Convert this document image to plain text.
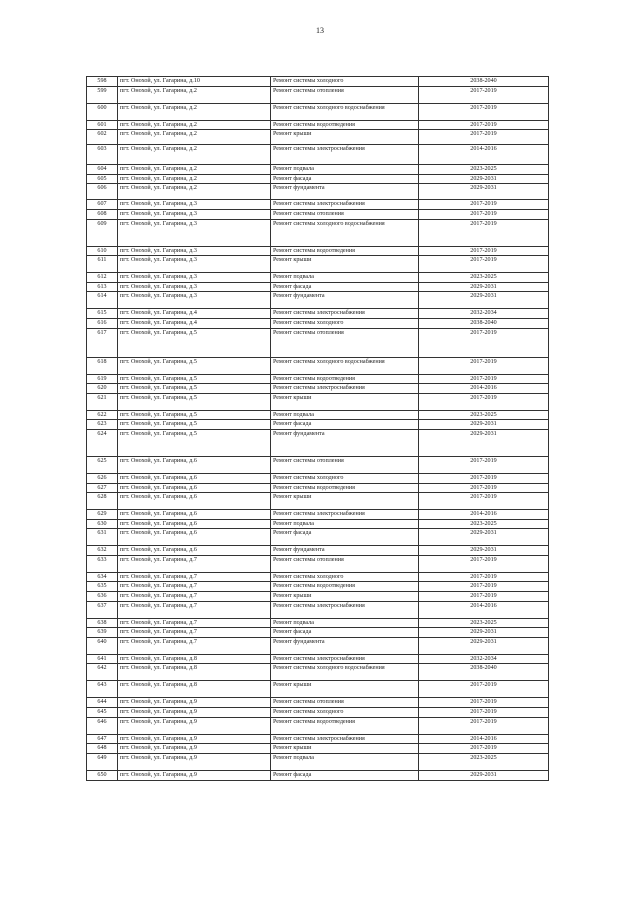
13
598	пгт. Онохой, ул. Гагарина, д.10	Ремонт системы холодного	2038-2040
599	пгт. Онохой, ул. Гагарина, д.2	Ремонт системы отопления	2017-2019
600	пгт. Онохой, ул. Гагарина, д.2	Ремонт системы холодного водоснабжения	2017-2019
601	пгт. Онохой, ул. Гагарина, д.2	Ремонт системы водоотведения	2017-2019
602	пгт. Онохой, ул. Гагарина, д.2	Ремонт крыши	2017-2019
603	пгт. Онохой, ул. Гагарина, д.2	Ремонт системы электроснабжения	2014-2016
604	пгт. Онохой, ул. Гагарина, д.2	Ремонт подвала	2023-2025
605	пгт. Онохой, ул. Гагарина, д.2	Ремонт фасада	2029-2031
606	пгт. Онохой, ул. Гагарина, д.2	Ремонт фундамента	2029-2031
607	пгт. Онохой, ул. Гагарина, д.3	Ремонт системы электроснабжения	2017-2019
608	пгт. Онохой, ул. Гагарина, д.3	Ремонт системы отопления	2017-2019
609	пгт. Онохой, ул. Гагарина, д.3	Ремонт системы холодного водоснабжения	2017-2019
610	пгт. Онохой, ул. Гагарина, д.3	Ремонт системы водоотведения	2017-2019
611	пгт. Онохой, ул. Гагарина, д.3	Ремонт крыши	2017-2019
612	пгт. Онохой, ул. Гагарина, д.3	Ремонт подвала	2023-2025
613	пгт. Онохой, ул. Гагарина, д.3	Ремонт фасада	2029-2031
614	пгт. Онохой, ул. Гагарина, д.3	Ремонт фундамента	2029-2031
615	пгт. Онохой, ул. Гагарина, д.4	Ремонт системы электроснабжения	2032-2034
616	пгт. Онохой, ул. Гагарина, д.4	Ремонт системы холодного	2038-2040
617	пгт. Онохой, ул. Гагарина, д.5	Ремонт системы отопления	2017-2019
618	пгт. Онохой, ул. Гагарина, д.5	Ремонт системы холодного водоснабжения	2017-2019
619	пгт. Онохой, ул. Гагарина, д.5	Ремонт системы водоотведения	2017-2019
620	пгт. Онохой, ул. Гагарина, д.5	Ремонт системы электроснабжения	2014-2016
621	пгт. Онохой, ул. Гагарина, д.5	Ремонт крыши	2017-2019
622	пгт. Онохой, ул. Гагарина, д.5	Ремонт подвала	2023-2025
623	пгт. Онохой, ул. Гагарина, д.5	Ремонт фасада	2029-2031
624	пгт. Онохой, ул. Гагарина, д.5	Ремонт фундамента	2029-2031
625	пгт. Онохой, ул. Гагарина, д.6	Ремонт системы отопления	2017-2019
626	пгт. Онохой, ул. Гагарина, д.6	Ремонт системы холодного	2017-2019
627	пгт. Онохой, ул. Гагарина, д.6	Ремонт системы водоотведения	2017-2019
628	пгт. Онохой, ул. Гагарина, д.6	Ремонт крыши	2017-2019
629	пгт. Онохой, ул. Гагарина, д.6	Ремонт системы электроснабжения	2014-2016
630	пгт. Онохой, ул. Гагарина, д.6	Ремонт подвала	2023-2025
631	пгт. Онохой, ул. Гагарина, д.6	Ремонт фасада	2029-2031
632	пгт. Онохой, ул. Гагарина, д.6	Ремонт фундамента	2029-2031
633	пгт. Онохой, ул. Гагарина, д.7	Ремонт системы отопления	2017-2019
634	пгт. Онохой, ул. Гагарина, д.7	Ремонт системы холодного	2017-2019
635	пгт. Онохой, ул. Гагарина, д.7	Ремонт системы водоотведения	2017-2019
636	пгт. Онохой, ул. Гагарина, д.7	Ремонт крыши	2017-2019
637	пгт. Онохой, ул. Гагарина, д.7	Ремонт системы электроснабжения	2014-2016
638	пгт. Онохой, ул. Гагарина, д.7	Ремонт подвала	2023-2025
639	пгт. Онохой, ул. Гагарина, д.7	Ремонт фасада	2029-2031
640	пгт. Онохой, ул. Гагарина, д.7	Ремонт фундамента	2029-2031
641	пгт. Онохой, ул. Гагарина, д.8	Ремонт системы электроснабжения	2032-2034
642	пгт. Онохой, ул. Гагарина, д.8	Ремонт системы холодного водоснабжения	2038-2040
643	пгт. Онохой, ул. Гагарина, д.8	Ремонт крыши	2017-2019
644	пгт. Онохой, ул. Гагарина, д.9	Ремонт системы отопления	2017-2019
645	пгт. Онохой, ул. Гагарина, д.9	Ремонт системы холодного	2017-2019
646	пгт. Онохой, ул. Гагарина, д.9	Ремонт системы водоотведения	2017-2019
647	пгт. Онохой, ул. Гагарина, д.9	Ремонт системы электроснабжения	2014-2016
648	пгт. Онохой, ул. Гагарина, д.9	Ремонт крыши	2017-2019
649	пгт. Онохой, ул. Гагарина, д.9	Ремонт подвала	2023-2025
650	пгт. Онохой, ул. Гагарина, д.9	Ремонт фасада	2029-2031
